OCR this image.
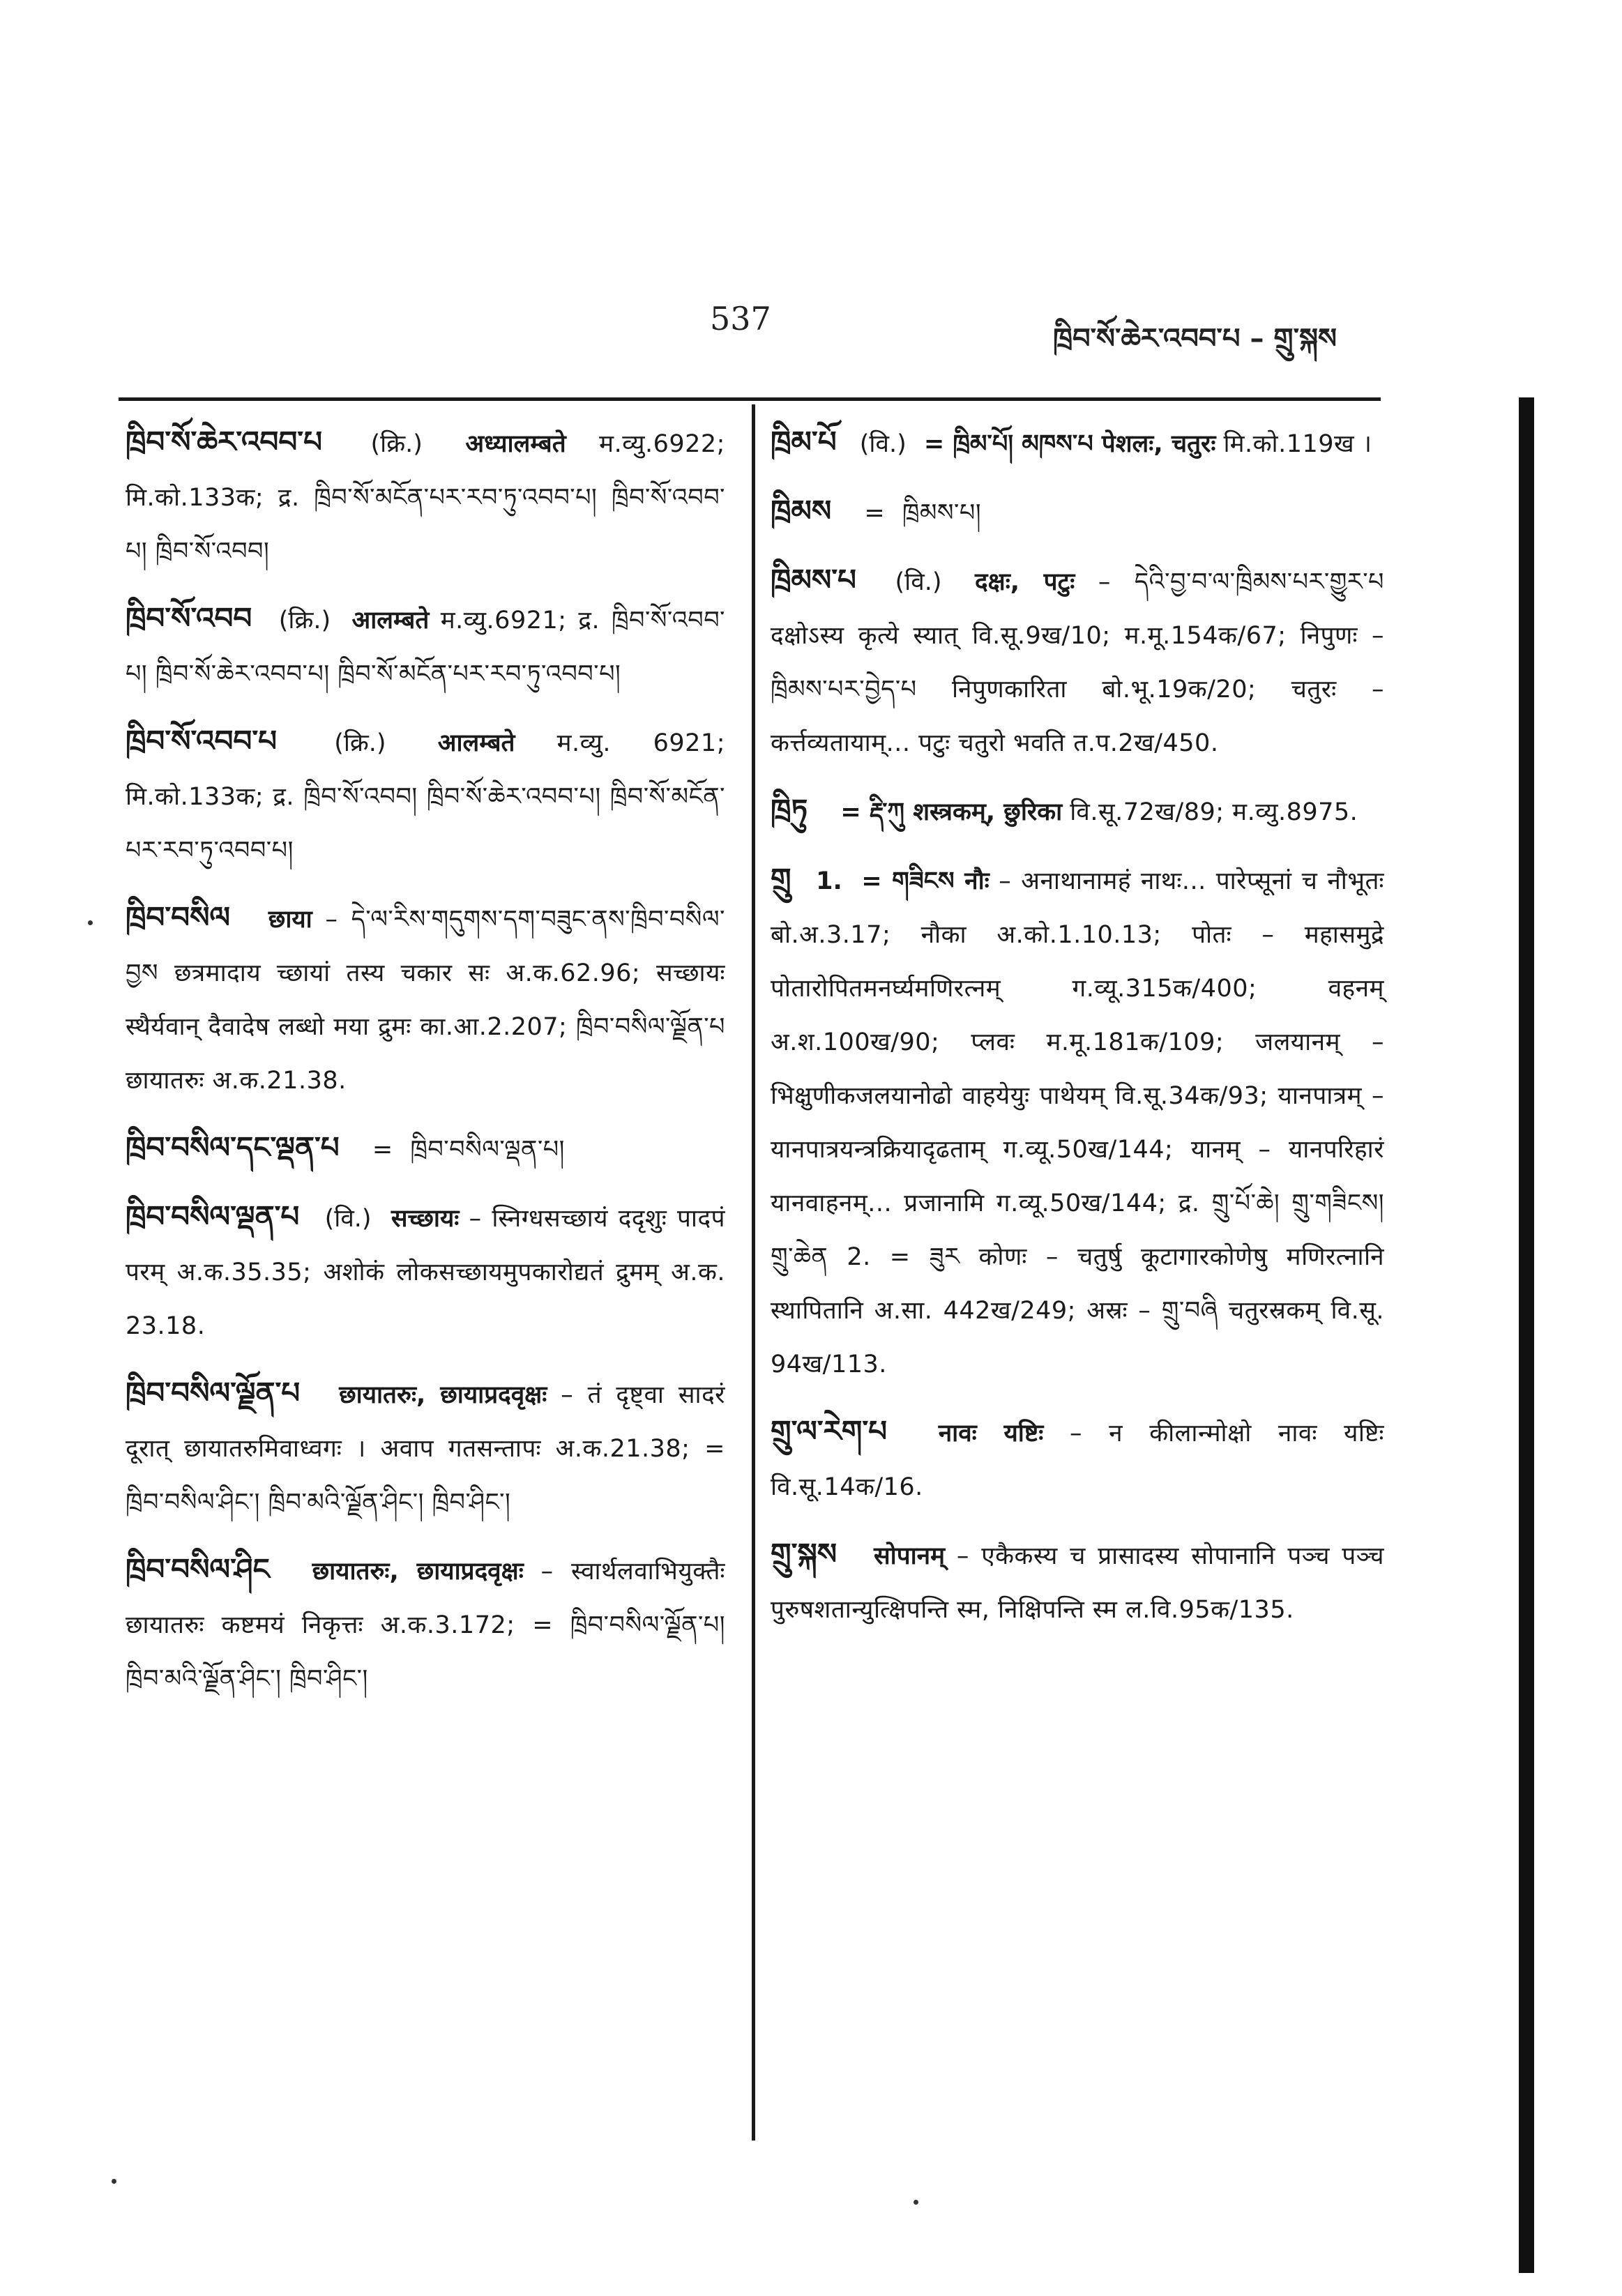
537
ཁྲིབ་སོ་ཆེར་འབབ་པ – གྲུ་སྐས

ཁྲིབ་སོ་ཆེར་འབབ་པ (क्रि.) अध्यालम्बते म.व्यु.6922; मि.को.133क; द्र. ཁྲིབ་སོ་མངོན་པར་རབ་ཏུ་འབབ་པ། ཁྲིབ་སོ་འབབ་པ། ཁྲིབ་སོ་འབབ།

ཁྲིབ་སོ་འབབ (क्रि.) आलम्बते म.व्यु.6921; द्र. ཁྲིབ་སོ་འབབ་པ། ཁྲིབ་སོ་ཆེར་འབབ་པ། ཁྲིབ་སོ་མངོན་པར་རབ་ཏུ་འབབ་པ།

ཁྲིབ་སོ་འབབ་པ (क्रि.) आलम्बते म.व्यु. 6921; मि.को.133क; द्र. ཁྲིབ་སོ་འབབ། ཁྲིབ་སོ་ཆེར་འབབ་པ། ཁྲིབ་སོ་མངོན་པར་རབ་ཏུ་འབབ་པ།

ཁྲིབ་བསིལ छाया – དེ་ལ་རིས་གདུགས་དག་བཟུང་ནས་ཁྲིབ་བསིལ་བྱས छत्रमादाय च्छायां तस्य चकार सः अ.क.62.96; सच्छायः स्थैर्यवान् दैवादेष लब्धो मया द्रुमः का.आ.2.207; ཁྲིབ་བསིལ་ལྗོན་པ छायातरुः अ.क.21.38.

ཁྲིབ་བསིལ་དང་ལྡན་པ = ཁྲིབ་བསིལ་ལྡན་པ།

ཁྲིབ་བསིལ་ལྡན་པ (वि.) सच्छायः – स्निग्धसच्छायं ददृशुः पादपं परम् अ.क.35.35; अशोकं लोकसच्छायमुपकारोद्यतं द्रुमम् अ.क. 23.18.

ཁྲིབ་བསིལ་ལྗོན་པ छायातरुः, छायाप्रदवृक्षः – तं दृष्ट्वा सादरं दूरात् छायातरुमिवाध्वगः । अवाप गतसन्तापः अ.क.21.38; = ཁྲིབ་བསིལ་ཤིང་། ཁྲིབ་མའི་ལྗོན་ཤིང་། ཁྲིབ་ཤིང་།

ཁྲིབ་བསིལ་ཤིང छायातरुः, छायाप्रदवृक्षः – स्वार्थलवाभियुक्तैः छायातरुः कष्टमयं निकृत्तः अ.क.3.172; = ཁྲིབ་བསིལ་ལྗོན་པ། ཁྲིབ་མའི་ལྗོན་ཤིང་། ཁྲིབ་ཤིང་།

ཁྲིམ་པོ (वि.) = ཁྲིམ་པོ། མཁས་པ पेशलः, चतुरः मि.को.119ख ।

ཁྲིམས = ཁྲིམས་པ།

ཁྲིམས་པ (वि.) दक्षः, पटुः – དེའི་བྱ་བ་ལ་ཁྲིམས་པར་གྱུར་པ दक्षोऽस्य कृत्ये स्यात् वि.सू.9ख/10; म.मू.154क/67; निपुणः – ཁྲིམས་པར་བྱེད་པ निपुणकारिता बो.भू.19क/20; चतुरः – कर्त्तव्यतायाम्... पटुः चतुरो भवति त.प.2ख/450.

ཁྲིཏུ = རྡི་ཀུ शस्त्रकम्, छुरिका वि.सू.72ख/89; म.व्यु.8975.

གྲུ 1. = གཟིངས नौः – अनाथानामहं नाथः... पारेप्सूनां च नौभूतः बो.अ.3.17; नौका अ.को.1.10.13; पोतः – महासमुद्रे पोतारोपितमनर्घ्यमणिरत्नम् ग.व्यू.315क/400; वहनम् अ.श.100ख/90; प्लवः म.मू.181क/109; जलयानम् – भिक्षुणीकजलयानोढो वाहयेयुः पाथेयम् वि.सू.34क/93; यानपात्रम् – यानपात्रयन्त्रक्रियादृढताम् ग.व्यू.50ख/144; यानम् – यानपरिहारं यानवाहनम्... प्रजानामि ग.व्यू.50ख/144; द्र. གྲུ་པོ་ཆེ། གྲུ་གཟིངས། གྲུ་ཆེན 2. = ཟུར कोणः – चतुर्षु कूटागारकोणेषु मणिरत्नानि स्थापितानि अ.सा. 442ख/249; अस्रः – གྲུ་བཞི चतुरस्रकम् वि.सू. 94ख/113.

གྲུ་ལ་རེག་པ नावः यष्टिः – न कीलान्मोक्षो नावः यष्टिः वि.सू.14क/16.

གྲུ་སྐས सोपानम् – एकैकस्य च प्रासादस्य सोपानानि पञ्च पञ्च पुरुषशतान्युत्क्षिपन्ति स्म, निक्षिपन्ति स्म ल.वि.95क/135.
